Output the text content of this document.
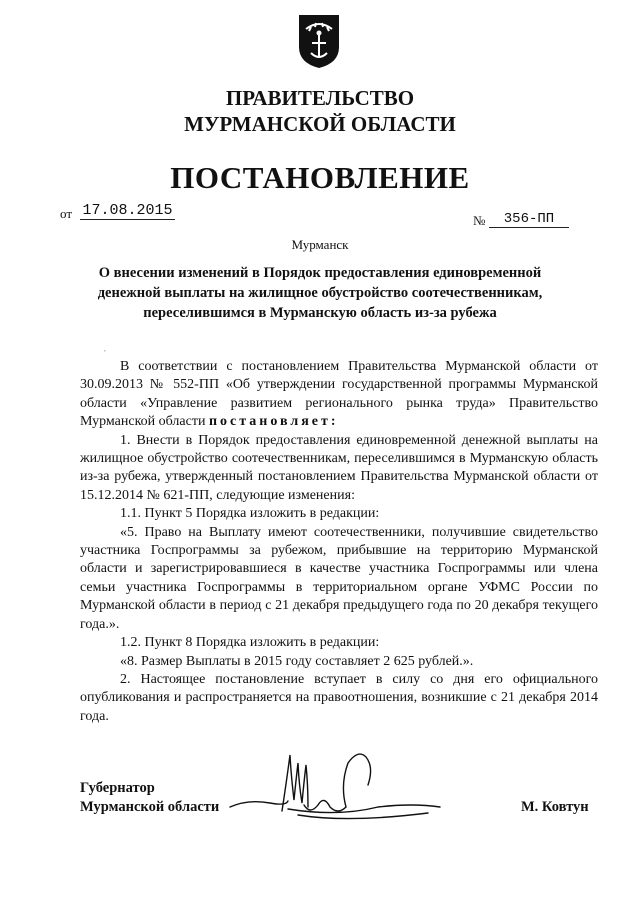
ПРАВИТЕЛЬСТВО
МУРМАНСКОЙ ОБЛАСТИ
ПОСТАНОВЛЕНИЕ
от 17.08.2015
№	356-ПП
Мурманск
О внесении изменений в Порядок предоставления единовременной денежной выплаты на жилищное обустройство соотечественникам, переселившимся в Мурманскую область из-за рубежа
,

В соответствии с постановлением Правительства Мурманской области от 30.09.2013 № 552-ПП «Об утверждении государственной программы Мурманской области «Управление развитием регионального рынка труда» Правительство Мурманской области постановляет:

1. Внести в Порядок предоставления единовременной денежной выплаты на жилищное обустройство соотечественникам, переселившимся в Мурманскую область из-за рубежа, утвержденный постановлением Правительства Мурманской области от 15.12.2014 № 621-ПП, следующие изменения:

1.1. Пункт 5 Порядка изложить в редакции:

«5. Право на Выплату имеют соотечественники, получившие свидетельство участника Госпрограммы за рубежом, прибывшие на территорию Мурманской области и зарегистрировавшиеся в качестве участника Госпрограммы или члена семьи участника Госпрограммы в территориальном органе УФМС России по Мурманской области в период с 21 декабря предыдущего года по 20 декабря текущего года.».

1.2. Пункт 8 Порядка изложить в редакции:

«8. Размер Выплаты в 2015 году составляет 2 625 рублей.».

2. Настоящее постановление вступает в силу со дня его официального опубликования и распространяется на правоотношения, возникшие с 21 декабря 2014 года.

Губернатор
Мурманской области	М. Ковтун
